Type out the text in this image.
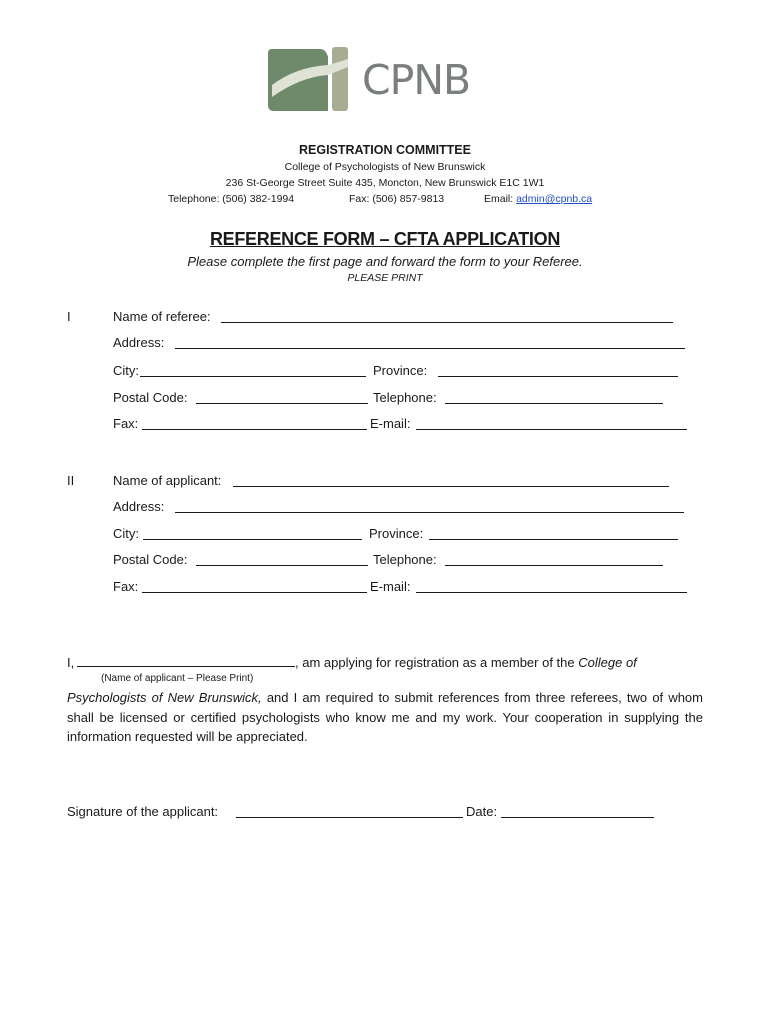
CPNB
REGISTRATION COMMITTEE
College of Psychologists of New Brunswick
236 St-George Street Suite 435, Moncton, New Brunswick E1C 1W1
Telephone: (506) 382-1994	Fax: (506) 857-9813	Email: admin@cpnb.ca
REFERENCE FORM – CFTA APPLICATION
Please complete the first page and forward the form to your Referee.
PLEASE PRINT
I	Name of referee:
Address:
City:	Province:
Postal Code:	Telephone:
Fax:	E-mail:
II	Name of applicant:
Address:
City:	Province:
Postal Code:	Telephone:
Fax:	E-mail:
I,	, am applying for registration as a member of the College of
(Name of applicant – Please Print)
Psychologists of New Brunswick, and I am required to submit references from three referees, two of whom shall be licensed or certified psychologists who know me and my work. Your cooperation in supplying the information requested will be appreciated.
Signature of the applicant:	Date:
